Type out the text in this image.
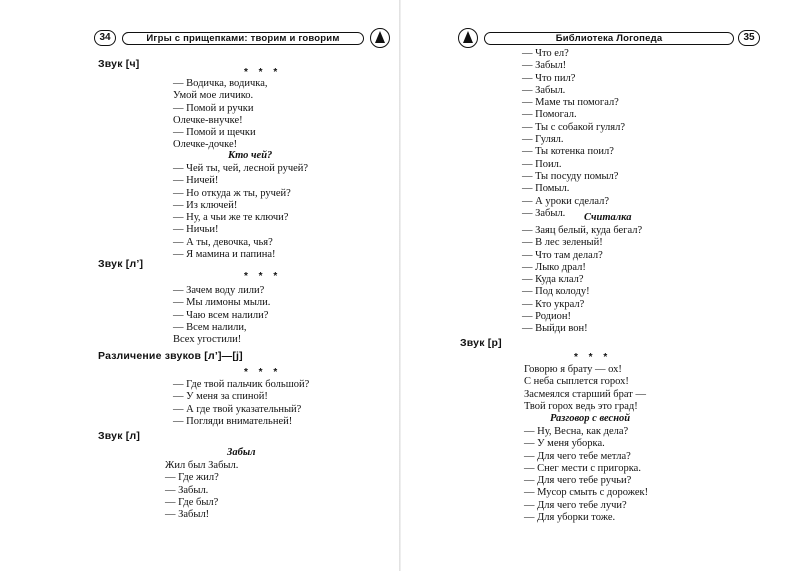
34	Игры с прищепками: творим и говорим
Звук [ч]
* * *
— Водичка, водичка,
Умой мое личико.
— Помой и ручки
Олечке-внучке!
— Помой и щечки
Олечке-дочке!
Кто чей?
— Чей ты, чей, лесной ручей?
— Ничей!
— Но откуда ж ты, ручей?
— Из ключей!
— Ну, а чьи же те ключи?
— Ничьи!
— А ты, девочка, чья?
— Я мамина и папина!
Звук [л’]
* * *
— Зачем воду лили?
— Мы лимоны мыли.
— Чаю всем налили?
— Всем налили,
Всех угостили!
Различение звуков [л’]—[j]
* * *
— Где твой пальчик большой?
— У меня за спиной!
— А где твой указательный?
— Погляди внимательней!
Звук [л]
Забыл
Жил был Забыл.
— Где жил?
— Забыл.
— Где был?
— Забыл!
Библиотека Логопеда	35
— Что ел?
— Забыл!
— Что пил?
— Забыл.
— Маме ты помогал?
— Помогал.
— Ты с собакой гулял?
— Гулял.
— Ты котенка поил?
— Поил.
— Ты посуду помыл?
— Помыл.
— А уроки сделал?
— Забыл.	Считалка
— Заяц белый, куда бегал?
— В лес зеленый!
— Что там делал?
— Лыко драл!
— Куда клал?
— Под колоду!
— Кто украл?
— Родион!
— Выйди вон!
Звук [р]
* * *
Говорю я брату — ох!
С неба сыплется горох!
Засмеялся старший брат —
Твой горох ведь это град!
Разговор с весной
— Ну, Весна, как дела?
— У меня уборка.
— Для чего тебе метла?
— Снег мести с пригорка.
— Для чего тебе ручьи?
— Мусор смыть с дорожек!
— Для чего тебе лучи?
— Для уборки тоже.
